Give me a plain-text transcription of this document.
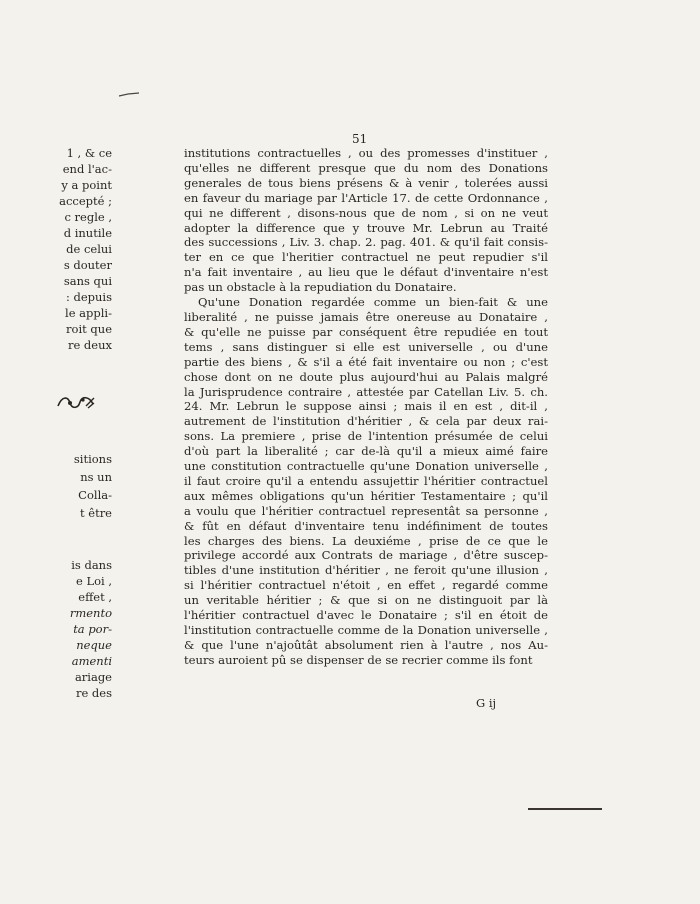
1 , & ce
end l'ac-
y a point
accepté ;
c regle ,
d inutile
de celui
s douter
sans qui
: depuis
le appli-
roit que
re deux
sitions
ns un
Colla-
t être
is dans
e Loi ,
effet ,
rmento
ta por-
neque
amenti
ariage
re des
51
institutions contractuelles , ou des promesses d'instituer ,
qu'elles ne different presque que du nom des Donations
generales de tous biens présens & à venir , tolerées aussi
en faveur du mariage par l'Article 17. de cette Ordonnance ,
qui ne different , disons-nous que de nom , si on ne veut
adopter la difference que y trouve Mr. Lebrun au Traité
des successions , Liv. 3. chap. 2. pag. 401. & qu'il fait consis-
ter en ce que l'heritier contractuel ne peut repudier s'il
n'a fait inventaire , au lieu que le défaut d'inventaire n'est
pas un obstacle à la repudiation du Donataire.
Qu'une Donation regardée comme un bien-fait & une
liberalité , ne puisse jamais être onereuse au Donataire ,
& qu'elle ne puisse par conséquent être repudiée en tout
tems , sans distinguer si elle est universelle , ou d'une
partie des biens , & s'il a été fait inventaire ou non ; c'est
chose dont on ne doute plus aujourd'hui au Palais malgré
la Jurisprudence contraire , attestée par Catellan Liv. 5. ch.
24. Mr. Lebrun le suppose ainsi ; mais il en est , dit-il ,
autrement de l'institution d'héritier , & cela par deux rai-
sons. La premiere , prise de l'intention présumée de celui
d'où part la liberalité ; car de-là qu'il a mieux aimé faire
une constitution contractuelle qu'une Donation universelle ,
il faut croire qu'il a entendu assujettir l'héritier contractuel
aux mêmes obligations qu'un héritier Testamentaire ; qu'il
a voulu que l'héritier contractuel representât sa personne ,
& fût en défaut d'inventaire tenu indéfiniment de toutes
les charges des biens. La deuxiéme , prise de ce que le
privilege accordé aux Contrats de mariage , d'être suscep-
tibles d'une institution d'héritier , ne feroit qu'une illusion ,
si l'héritier contractuel n'étoit , en effet , regardé comme
un veritable héritier ; & que si on ne distinguoit par là
l'héritier contractuel d'avec le Donataire ; s'il en étoit de
l'institution contractuelle comme de la Donation universelle ,
& que l'une n'ajoûtât absolument rien à l'autre , nos Au-
teurs auroient pû se dispenser de se recrier comme ils font
G ij
